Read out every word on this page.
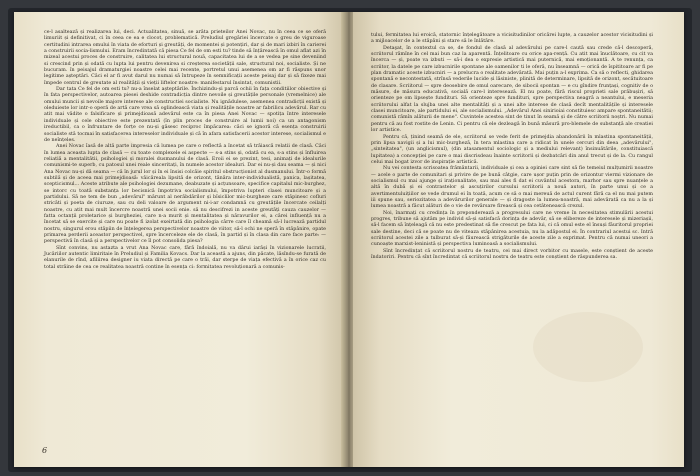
ce-l asaltează și realizarea lui, deci. Actualitatea, sinuă, se arăta prieteilor Anei Novac, nu în ceea ce se oferă limuriit și definitivat, ci în ceea ce ea e clocot, problematică. Preludiul gregăriei încercate o greu de viguroase certitudini intrarea omului în viata de eforturi și greutăți, de momentei și potențiri, dar și de mari izbiri în carierei a construirii socia-lismului. Eram încredintată că piesa Ce fel de om esti tu? tinde să înțărească în omul aflat azi în mizeal acestui proces de construire, calitatea lui structural nouă, capacitatea lui de a se vedea pe sine deveniind si crescind prin și odată cu lupta lui pentru devenirea si creșterea societății sale, structural noi, socialiste. Și ne bucuram. în peisajul dramaturgiei noastre celei mai recente, portretul unui asemenea om ar fi răspuns unor legitime așteptări. Căci el ar fi avut darul nu numai să întrupeze în semnificații aceste peisaj dar și să fixeze mai împede centrul de greutate al realității și vieții liftelor noastre: manifestarul însintat, comunistii.

Dar tata Ce fel de om esti tu? nu-a înselat așteptările. Închizindu-și parcă ochii în fața conditiilor obiective și în fata perspectivelor, autoarea piesei deshide contradicția dintre nevoile și greutățile personale (vremelnice) ale omului muncii și nevoile majore interese ale constructiei socialiste. Nu ignădulese, asemenea contradicții există și oleduieste lor intr-o operă de artă care vrea să oglindească viata și realitățile noastre ar fabrilicu adevărul. Rar cu atit mai vădite o falsificare și primejdioasă adevărul este ca în piesa Anei Novac — spotița între interesele individuale și cele obiective este prezentată (în plin proces de construire al lumii noi) ca un antagonism ireductibil, ca o înfruntare de forțe ce nu-și găsesc reciproc împăcarea: căci se ignoră că esența construirii socialiste stă tocmai în satisfacerea intereselor individuale și că în afara satisfacerii acestor interese, socialismul e de neînțeles.

Anei Novac îasă de altă parte impresia că lumea pe care o reflectă a încetat să trăiască relatii de clasă. Căci în lumea aceasta lupta de clasă — cu toate complexele ei aspecte — s-a stins și, odată cu ea, s-a stins și înfluirea reliatiă a mentalitătii, psihologiei și moralei dusmanului de clasă. Eroii ei se prezint, tesi, animați de idealurile comunismi-te superb, cu patosul unei reale sinceritați, în numele acestor idealuri. Dar ei nu-și dau seama — și nici Ana Novac nu-și dă seama — că în jurul lor și în ei însisi colcăie spiritul obstrucționist al dusmanului. Într-o formă subtilă și de aceea mai primejdioasă: vâicăreala lipsită de orizont, tânăra inter-individualistă, panica, lașitatea, scepticismul... Aceste atribute ale psihologiei dezumane, deabuzate și acțunsoare, specifice capitalul mic-burghez, se intorc cu toată substanța lor becisnică împotriva socialismului, împotriva lupteri clasei muncitoare și a partidului. Să ne tem de bun „adevărul" mărunt al nerăbdărilor și bîsiclilor mic-burgheze care stăpinesc cofluri stricăti și poeta de ciuruze, sau cu deli valoare de argument ni-i-ar condamnă cu greutățile încercate ceilalți noastre, cu atit mai mult încercre noastră unei socii enie. să nu descifrezi in aceste greutăți cauza cauzelor — fatta octanții proletarice și burgheziei, care n-a murit și mentalitatea și năravurilor ei, a cărei influență nu a încetat să se exercite și care nu poate fi izolat exeirtată din psihologia cârre care îl cheamă să-l lucrează partidul nostru, singurul erou stăpiin de înțelegerea perspectivelor noastre de viitor, să-l ochi ne sperâ în stăpânire, opate primarea perderii aceastor perspectivel, spre încerceleze ele de clasă, în partid și în clasa din care face parte: — perspectivă în clasă și a perspectivelor ce îl pot consolida piesa?

Sînt convins, nu astazta a vrut Ana Novac care, fără îndoială, nu va dărui iarăși în vizionarele lucratii, Jucăriilor autentic limiritaie în Preludiul și Familia Kovacs. Dar la această a ajuns, din păcate, lăsîndu-se furată de elanurile de rînd, afiliirea designer iu viata directă pe care o trăi, dar sterpe de viața efectivă a în orice caz cu total străine de cea ce realitatea noastră contine în esența ci: formitatea revoluționară a comunis-

6

tului, fermitatea lui eroică, statornic înțelegătoare a vicisitudinilor oricărei lupte, a cauzelor acestor vicisitudini și a mijloacelor de a le stăpâni și stare să le înlătăre.

Detaşat, în contextul ca se, de fondul de clasă al adevărului pe care-l caută sau crede că-l descoperă, scriitorul rămîne în cel mai bun caz la aparentă. Înțelitoare cu orice apa-rență. Cu atit mai înuclătoare, cu cit va încerca — și, poate va izbuti — să-i dea o expresie artistică mai puternică, mai emoționantă. A te renunța, ca scriitor, la datele pe care izbucnirile spontane ale oamenilor ti le oferă, nu înseamnă — orică de îspititoare ar fi pe plan dramatic aceste izbucniri — a prelucra o realitate adevărată. Mai puțin a-l exprima. Ca să o reflecti, ghidarea spontană e necontestată, strînsă vederile lucide și lăsiniste, plinită de determinare, lipsită de orizont, secătuitoare de clasare. Scriitorul — spre deosebire de omul oarecare, de sibocii spontan — e cu gîndire frunțași, cognitiv de o măsure, de măsura educativă, socială care-l interesează. El nu poate, fără riscul proprieti sale prăbușiri, să orienteze pe om lipsește fundituri. Să orienteze spre fundituri, spre perspectiva neagră a neantului, e meseria scriitorului alfat la slujba unei alte mentalități și a unei alte interese de clasă decît mentalitățile și interesele clasei muncitoare, ale partidului ei, ale socialismului. „Adevărul Anei sinirioiai constituiesc ampare spontaneitătii; comunistă rămîn alăturii de mene". Cuvintele acestea sint de tinut în seamă și de către scriitorii noștri. Nu numai pentru că au fost rostite de Lenin. Ci pentru că ele dezleagă în bună măsură pro-blemele de substanță ale creatiei lor artistice.

Pentru că, ținind seamă de ele, scriitorul se vede ferit de primejdia abandonării în mlastina spontaneității, prin lipsa navigii și a lui mic-burgheză, în tera mlastina care a ridicat în unele cercuri din deea „adevărului", „sinteitatea", (un anglicismul), (din atasamentul sociologic și a mediului relevant) însinuătările, constituiască lupitatea) a concepției pe care o mai discrisdeau înainte scriitorii și dezbatcări din anul trecut și de la. Cu rangul celui mai bogat izvor de inspirație artistică.

Nu vei contesta scrisoatea frământarii, individuale și cea a opiniei care sint să fie temeiul mulțumirii noastre — acele o parte de comunitari și privire de pe bună câtgie, care ușor puțin prin de orizontur viermi vizionare de socialismul cu mai ajunge și iraționalitate, sau mai ales fi dat ei cuvântul acestora, marhor sau spre nuanțele a altă în dubă și ei contrastelor și ascuțirilor cursului scriitorii a nouă autori, în parte unui și ce a avertimentuluițiilor se vede drumul ei în toată, acum ce să o mai mereuă de actul curent fără ca el nu mai putem iii spune sau, seriozitatea a adevărurilor generale — și dragoste la lumea-noastră, mai adevărată ca nu a la și lumea noastră a făcut alături de o vie de revărsare firească și cea cetătenească crezul.

Noi, înarmați cu credința în preponderează a progresului care ne vreme în necesitatea stimulării acestui progres, tribune să ajutăm pe individ să-și satisfacă dorința de adevăr, să se elibereze de interesele și mizeriașii, să-l facem să înțeleagă că nu este predestinat să fie crescut pe fata lui, ci că omul este el însuși făuritorul propriei sale destine, deci că se poate nu de viteaza stăpânirea acestuia, nu la adăpostul ei. În contrariul acestui sc. Intră scriitorul acestei zile a tulburat să-și făurească strigăturile de aceste zile a exprimat. Pentru că numai uneori a cunoaște marxist-leninistă și perspectiva luminoasă a socialismului.

Sînt încredințat că scriitorul nostru de teatru, cei mai direct vorbitor cu masele, este conștient de aceste îndatoriri. Pentru că sînt încredintat că scriitorul nostru de teatru este conștient de răspunderea sa.
